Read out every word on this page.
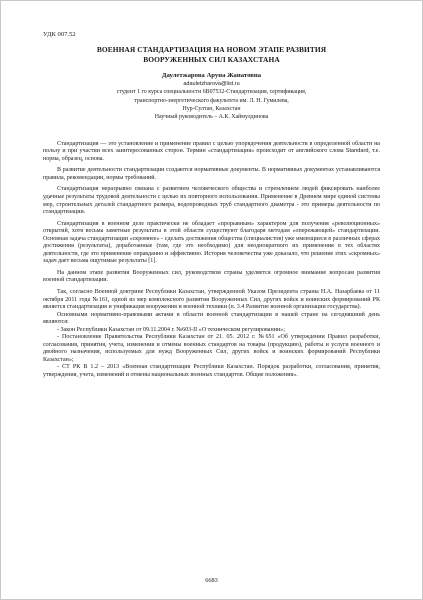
УДК 007.52
ВОЕННАЯ СТАНДАРТИЗАЦИЯ НА НОВОМ ЭТАПЕ РАЗВИТИЯ
ВООРУЖЕННЫХ СИЛ КАЗАХСТАНА
Даулетжарова Аруна Жанатовна
adauletzharova@list.ru
студент 1 го курса специальности 6В07532-Стандартизация, сертификация,
транспортно-энергетического факультета им. Л. Н. Гумилева,
Нур-Султан, Казахстан
Научный руководитель – А.К. Хаймулдинова

Стандартизация — это установление и применение правил с целью упорядочения деятельности в определенной области на пользу и при участии всех заинтересованных сторон. Термин «стандартизация» происходит от английского слова Standard, т.е. норма, образец, основа.

В развитие деятельности стандартизации создаются нормативные документы. В нормативных документах устанавливаются правила, рекомендации, нормы требований.

Стандартизация неразрывно связана с развитием человеческого общества и стремлением людей фиксировать наиболее удачные результаты трудовой деятельности с целью их повторного использования. Применение в Древнем мире единой системы мер, строительных деталей стандартного размера, водопроводных труб стандартного диаметра - это примеры деятельности по стандартизации.

Стандартизация в военном деле практически не обладает «прорывным» характером для получения «революционных» открытий, хотя весьма заметные результаты в этой области существуют благодаря методам «опережающей» стандартизации. Основная задача стандартизации «скромнее» - сделать достижения общества (специалистов) уже имеющиеся в различных сферах достижения (результаты), доработанные (там, где это необходимо) для неоднократного их применения в тех областях деятельности, где это применение оправданно и эффективно. История человечества уже доказало, что решение этих «скромных» задач дает весьма ощутимые результаты [1].

На данном этапе развития Вооруженных сил, руководством страны уделяется огромное внимание вопросам развития военной стандартизации.

Так, согласно Военной доктрине Республики Казахстан, утвержденной Указом Президента страны Н.А. Назарбаева от 11 октября 2011 года №161, одной из мер комплексного развития Вооруженных Сил, других войск и воинских формирований РК является стандартизация и унификация вооружения и военной техники (п. 3.4 Развитие военной организации государства).

Основными нормативно-правовыми актами в области военной стандартизации в нашей стране на сегодняшний день являются:

- Закон Республики Казахстан от 09.11.2004 г. №603-II «О техническом регулировании»;

- Постановление Правительства Республики Казахстан от 21. 05. 2012 г. №651 «Об утверждении Правил разработки, согласования, принятия, учета, изменения и отмены военных стандартов на товары (продукцию), работы и услуги военного и двойного назначения, используемых для нужд Вооруженных Сил, других войск и воинских формирований Республики Казахстан»;

- СТ РК В 1.2 – 2013 «Военная стандартизация Республики Казахстан. Порядок разработки, согласования, принятия, утверждения, учета, изменений и отмены национальных военных стандартов. Общие положения».

6683
